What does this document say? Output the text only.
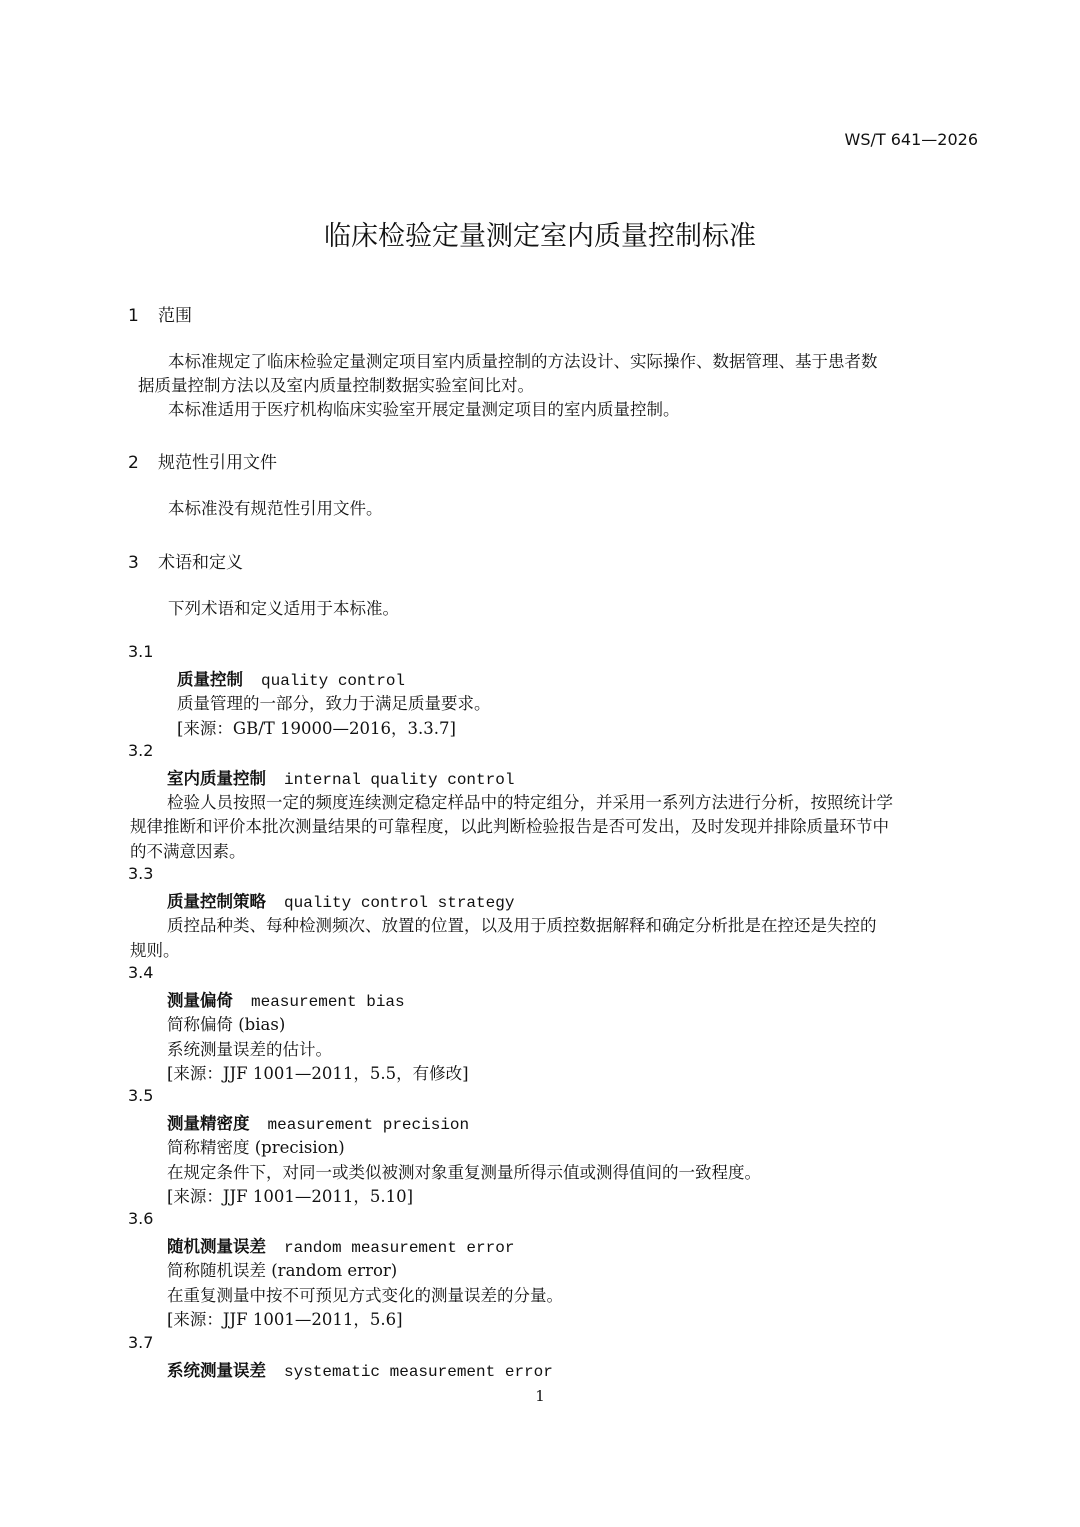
WS/T 641—2026
临床检验定量测定室内质量控制标准
1 范围
本标准规定了临床检验定量测定项目室内质量控制的方法设计、实际操作、数据管理、基于患者数
据质量控制方法以及室内质量控制数据实验室间比对。
本标准适用于医疗机构临床实验室开展定量测定项目的室内质量控制。
2 规范性引用文件
本标准没有规范性引用文件。
3 术语和定义
下列术语和定义适用于本标准。
3.1
质量控制 quality control
质量管理的一部分，致力于满足质量要求。
[来源：GB/T 19000—2016，3.3.7]
3.2
室内质量控制 internal quality control
检验人员按照一定的频度连续测定稳定样品中的特定组分，并采用一系列方法进行分析，按照统计学
规律推断和评价本批次测量结果的可靠程度，以此判断检验报告是否可发出，及时发现并排除质量环节中
的不满意因素。
3.3
质量控制策略 quality control strategy
质控品种类、每种检测频次、放置的位置，以及用于质控数据解释和确定分析批是在控还是失控的
规则。
3.4
测量偏倚 measurement bias
简称偏倚 (bias)
系统测量误差的估计。
[来源：JJF 1001—2011，5.5，有修改]
3.5
测量精密度 measurement precision
简称精密度 (precision)
在规定条件下，对同一或类似被测对象重复测量所得示值或测得值间的一致程度。
[来源：JJF 1001—2011，5.10]
3.6
随机测量误差 random measurement error
简称随机误差 (random error)
在重复测量中按不可预见方式变化的测量误差的分量。
[来源：JJF 1001—2011，5.6]
3.7
系统测量误差 systematic measurement error
1
